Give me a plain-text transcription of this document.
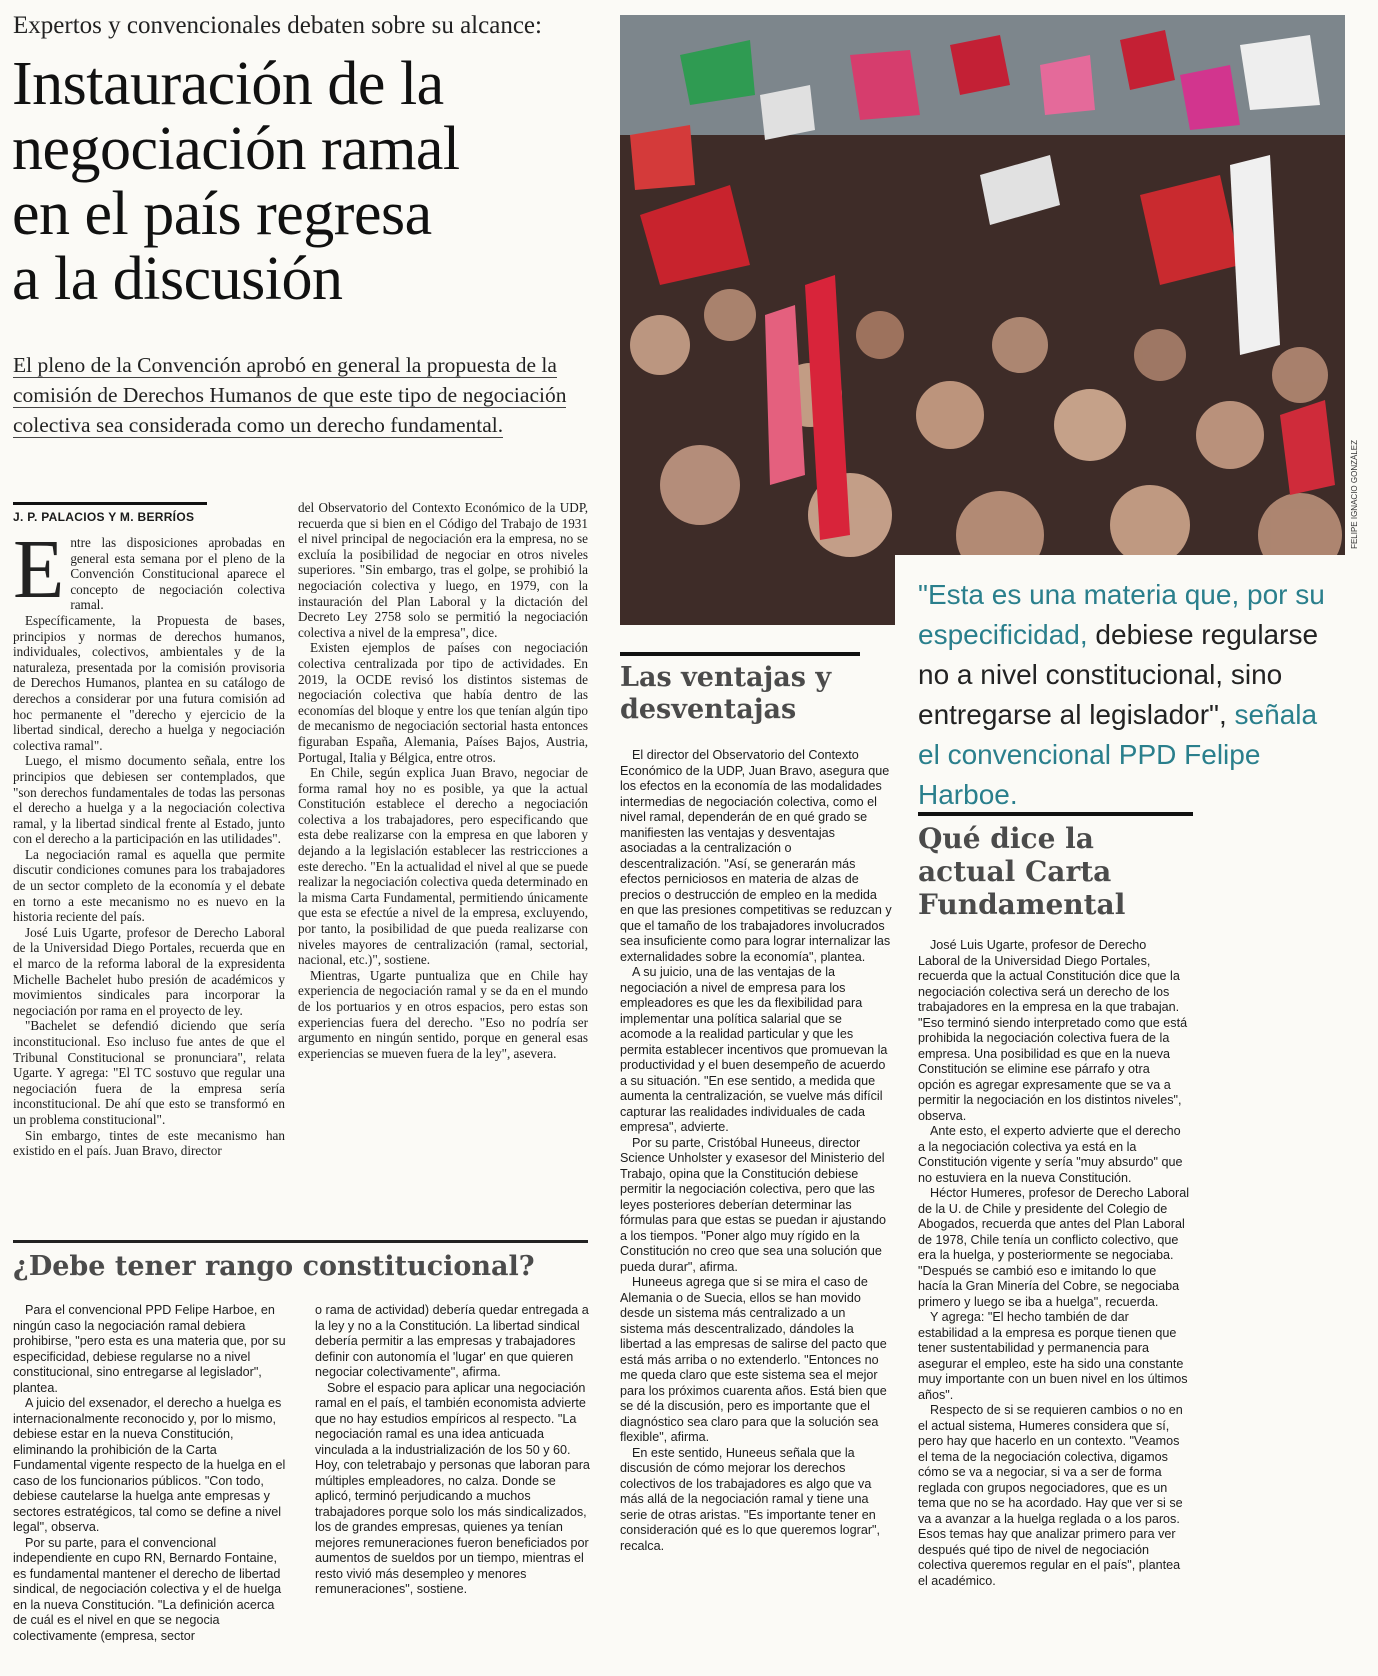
Expertos y convencionales debaten sobre su alcance:
Instauración de la
negociación ramal
en el país regresa
a la discusión
El pleno de la Convención aprobó en general la propuesta de la comisión de Derechos Humanos de que este tipo de negociación colectiva sea considerada como un derecho fundamental.
J. P. PALACIOS Y M. BERRÍOS

Entre las disposiciones aprobadas en general esta semana por el pleno de la Convención Constitucional aparece el concepto de negociación colectiva ramal.

Específicamente, la Propuesta de bases, principios y normas de derechos humanos, individuales, colectivos, ambientales y de la naturaleza, presentada por la comisión provisoria de Derechos Humanos, plantea en su catálogo de derechos a considerar por una futura comisión ad hoc permanente el "derecho y ejercicio de la libertad sindical, derecho a huelga y negociación colectiva ramal".

Luego, el mismo documento señala, entre los principios que debiesen ser contemplados, que "son derechos fundamentales de todas las personas el derecho a huelga y a la negociación colectiva ramal, y la libertad sindical frente al Estado, junto con el derecho a la participación en las utilidades".

La negociación ramal es aquella que permite discutir condiciones comunes para los trabajadores de un sector completo de la economía y el debate en torno a este mecanismo no es nuevo en la historia reciente del país.

José Luis Ugarte, profesor de Derecho Laboral de la Universidad Diego Portales, recuerda que en el marco de la reforma laboral de la expresidenta Michelle Bachelet hubo presión de académicos y movimientos sindicales para incorporar la negociación por rama en el proyecto de ley.

"Bachelet se defendió diciendo que sería inconstitucional. Eso incluso fue antes de que el Tribunal Constitucional se pronunciara", relata Ugarte. Y agrega: "El TC sostuvo que regular una negociación fuera de la empresa sería inconstitucional. De ahí que esto se transformó en un problema constitucional".

Sin embargo, tintes de este mecanismo han existido en el país. Juan Bravo, director

del Observatorio del Contexto Económico de la UDP, recuerda que si bien en el Código del Trabajo de 1931 el nivel principal de negociación era la empresa, no se excluía la posibilidad de negociar en otros niveles superiores. "Sin embargo, tras el golpe, se prohibió la negociación colectiva y luego, en 1979, con la instauración del Plan Laboral y la dictación del Decreto Ley 2758 solo se permitió la negociación colectiva a nivel de la empresa", dice.

Existen ejemplos de países con negociación colectiva centralizada por tipo de actividades. En 2019, la OCDE revisó los distintos sistemas de negociación colectiva que había dentro de las economías del bloque y entre los que tenían algún tipo de mecanismo de negociación sectorial hasta entonces figuraban España, Alemania, Países Bajos, Austria, Portugal, Italia y Bélgica, entre otros.

En Chile, según explica Juan Bravo, negociar de forma ramal hoy no es posible, ya que la actual Constitución establece el derecho a negociación colectiva a los trabajadores, pero especificando que esta debe realizarse con la empresa en que laboren y dejando a la legislación establecer las restricciones a este derecho. "En la actualidad el nivel al que se puede realizar la negociación colectiva queda determinado en la misma Carta Fundamental, permitiendo únicamente que esta se efectúe a nivel de la empresa, excluyendo, por tanto, la posibilidad de que pueda realizarse con niveles mayores de centralización (ramal, sectorial, nacional, etc.)", sostiene.

Mientras, Ugarte puntualiza que en Chile hay experiencia de negociación ramal y se da en el mundo de los portuarios y en otros espacios, pero estas son experiencias fuera del derecho. "Eso no podría ser argumento en ningún sentido, porque en general esas experiencias se mueven fuera de la ley", asevera.

FELIPE IGNACIO GONZÁLEZ
"Esta es una materia que, por su especificidad, debiese regularse no a nivel constitucional, sino entregarse al legislador", señala el convencional PPD Felipe Harboe.
Las ventajas y desventajas

El director del Observatorio del Contexto Económico de la UDP, Juan Bravo, asegura que los efectos en la economía de las modalidades intermedias de negociación colectiva, como el nivel ramal, dependerán de en qué grado se manifiesten las ventajas y desventajas asociadas a la centralización o descentralización. "Así, se generarán más efectos perniciosos en materia de alzas de precios o destrucción de empleo en la medida en que las presiones competitivas se reduzcan y que el tamaño de los trabajadores involucrados sea insuficiente como para lograr internalizar las externalidades sobre la economía", plantea.

A su juicio, una de las ventajas de la negociación a nivel de empresa para los empleadores es que les da flexibilidad para implementar una política salarial que se acomode a la realidad particular y que les permita establecer incentivos que promuevan la productividad y el buen desempeño de acuerdo a su situación. "En ese sentido, a medida que aumenta la centralización, se vuelve más difícil capturar las realidades individuales de cada empresa", advierte.

Por su parte, Cristóbal Huneeus, director Science Unholster y exasesor del Ministerio del Trabajo, opina que la Constitución debiese permitir la negociación colectiva, pero que las leyes posteriores deberían determinar las fórmulas para que estas se puedan ir ajustando a los tiempos. "Poner algo muy rígido en la Constitución no creo que sea una solución que pueda durar", afirma.

Huneeus agrega que si se mira el caso de Alemania o de Suecia, ellos se han movido desde un sistema más centralizado a un sistema más descentralizado, dándoles la libertad a las empresas de salirse del pacto que está más arriba o no extenderlo. "Entonces no me queda claro que este sistema sea el mejor para los próximos cuarenta años. Está bien que se dé la discusión, pero es importante que el diagnóstico sea claro para que la solución sea flexible", afirma.

En este sentido, Huneeus señala que la discusión de cómo mejorar los derechos colectivos de los trabajadores es algo que va más allá de la negociación ramal y tiene una serie de otras aristas. "Es importante tener en consideración qué es lo que queremos lograr", recalca.

Qué dice la actual Carta Fundamental

José Luis Ugarte, profesor de Derecho Laboral de la Universidad Diego Portales, recuerda que la actual Constitución dice que la negociación colectiva será un derecho de los trabajadores en la empresa en la que trabajan. "Eso terminó siendo interpretado como que está prohibida la negociación colectiva fuera de la empresa. Una posibilidad es que en la nueva Constitución se elimine ese párrafo y otra opción es agregar expresamente que se va a permitir la negociación en los distintos niveles", observa.

Ante esto, el experto advierte que el derecho a la negociación colectiva ya está en la Constitución vigente y sería "muy absurdo" que no estuviera en la nueva Constitución.

Héctor Humeres, profesor de Derecho Laboral de la U. de Chile y presidente del Colegio de Abogados, recuerda que antes del Plan Laboral de 1978, Chile tenía un conflicto colectivo, que era la huelga, y posteriormente se negociaba. "Después se cambió eso e imitando lo que hacía la Gran Minería del Cobre, se negociaba primero y luego se iba a huelga", recuerda.

Y agrega: "El hecho también de dar estabilidad a la empresa es porque tienen que tener sustentabilidad y permanencia para asegurar el empleo, este ha sido una constante muy importante con un buen nivel en los últimos años".

Respecto de si se requieren cambios o no en el actual sistema, Humeres considera que sí, pero hay que hacerlo en un contexto. "Veamos el tema de la negociación colectiva, digamos cómo se va a negociar, si va a ser de forma reglada con grupos negociadores, que es un tema que no se ha acordado. Hay que ver si se va a avanzar a la huelga reglada o a los paros. Esos temas hay que analizar primero para ver después qué tipo de nivel de negociación colectiva queremos regular en el país", plantea el académico.

¿Debe tener rango constitucional?

Para el convencional PPD Felipe Harboe, en ningún caso la negociación ramal debiera prohibirse, "pero esta es una materia que, por su especificidad, debiese regularse no a nivel constitucional, sino entregarse al legislador", plantea.

A juicio del exsenador, el derecho a huelga es internacionalmente reconocido y, por lo mismo, debiese estar en la nueva Constitución, eliminando la prohibición de la Carta Fundamental vigente respecto de la huelga en el caso de los funcionarios públicos. "Con todo, debiese cautelarse la huelga ante empresas y sectores estratégicos, tal como se define a nivel legal", observa.

Por su parte, para el convencional independiente en cupo RN, Bernardo Fontaine, es fundamental mantener el derecho de libertad sindical, de negociación colectiva y el de huelga en la nueva Constitución. "La definición acerca de cuál es el nivel en que se negocia colectivamente (empresa, sector

o rama de actividad) debería quedar entregada a la ley y no a la Constitución. La libertad sindical debería permitir a las empresas y trabajadores definir con autonomía el 'lugar' en que quieren negociar colectivamente", afirma.

Sobre el espacio para aplicar una negociación ramal en el país, el también economista advierte que no hay estudios empíricos al respecto. "La negociación ramal es una idea anticuada vinculada a la industrialización de los 50 y 60. Hoy, con teletrabajo y personas que laboran para múltiples empleadores, no calza. Donde se aplicó, terminó perjudicando a muchos trabajadores porque solo los más sindicalizados, los de grandes empresas, quienes ya tenían mejores remuneraciones fueron beneficiados por aumentos de sueldos por un tiempo, mientras el resto vivió más desempleo y menores remuneraciones", sostiene.
